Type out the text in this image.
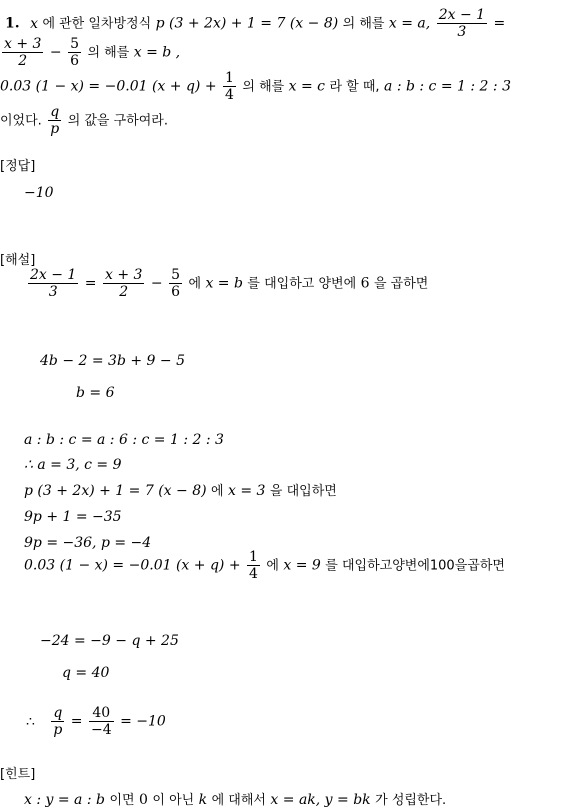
1. x 에 관한 일차방정식 p (3 + 2x) + 1 = 7 (x − 8) 의 해를 x = a, $\frac{2x - 1}{3}$ =
$\frac{x + 3}{2} - \frac{5}{6}$ 의 해를 x = b ,
0.03 (1 − x) = −0.01 $(x + q) + \frac{1}{4}$ 의 해를 x = c 라 할 때, a : b : c = 1 : 2 : 3
이었다. $\frac{q}{p}$ 의 값을 구하여라.
[정답]
−10
[해설]
$\frac{2x - 1}{3} = \frac{x + 3}{2} - \frac{5}{6}$ 에 x = b 를 대입하고 양변에 6 을 곱하면
4b − 2 = 3b + 9 − 5
b = 6
a : b : c = a : 6 : c = 1 : 2 : 3
∴ a = 3, c = 9
p (3 + 2x) + 1 = 7 (x − 8) 에 x = 3 을 대입하면
9p + 1 = −35
9p = −36, p = −4
0.03 (1 − x) = −0.01 $(x + q) + \frac{1}{4}$ 에 x = 9 를 대입하고양변에100을곱하면
−24 = −9 − q + 25
q = 40
∴ $\frac{q}{p} = \frac{40}{-4} = -10$
[힌트]
x : y = a : b 이면 0 이 아닌 k 에 대해서 x = ak, y = bk 가 성립한다.
